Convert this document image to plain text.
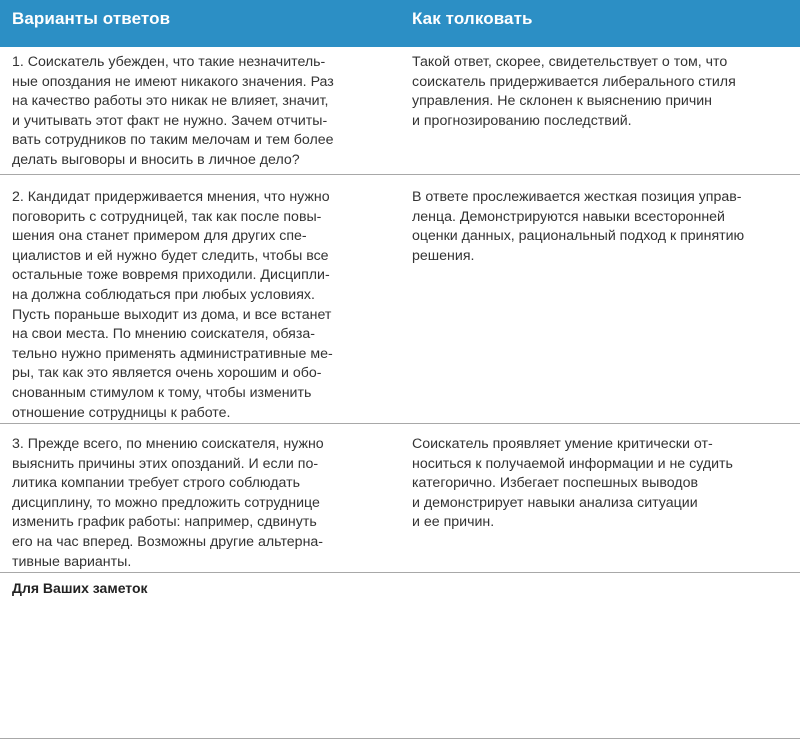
Варианты ответов	Как толковать
1. Соискатель убежден, что такие незначитель-
ные опоздания не имеют никакого значения. Раз
на качество работы это никак не влияет, значит,
и учитывать этот факт не нужно. Зачем отчиты-
вать сотрудников по таким мелочам и тем более
делать выговоры и вносить в личное дело?
Такой ответ, скорее, свидетельствует о том, что
соискатель придерживается либерального стиля
управления. Не склонен к выяснению причин
и прогнозированию последствий.
2. Кандидат придерживается мнения, что нужно
поговорить с сотрудницей, так как после повы-
шения она станет примером для других спе-
циалистов и ей нужно будет следить, чтобы все
остальные тоже вовремя приходили. Дисципли-
на должна соблюдаться при любых условиях.
Пусть пораньше выходит из дома, и все встанет
на свои места. По мнению соискателя, обяза-
тельно нужно применять административные ме-
ры, так как это является очень хорошим и обо-
снованным стимулом к тому, чтобы изменить
отношение сотрудницы к работе.
В ответе прослеживается жесткая позиция управ-
ленца. Демонстрируются навыки всесторонней
оценки данных, рациональный подход к принятию
решения.
3. Прежде всего, по мнению соискателя, нужно
выяснить причины этих опозданий. И если по-
литика компании требует строго соблюдать
дисциплину, то можно предложить сотруднице
изменить график работы: например, сдвинуть
его на час вперед. Возможны другие альтерна-
тивные варианты.
Соискатель проявляет умение критически от-
носиться к получаемой информации и не судить
категорично. Избегает поспешных выводов
и демонстрирует навыки анализа ситуации
и ее причин.
Для Ваших заметок
